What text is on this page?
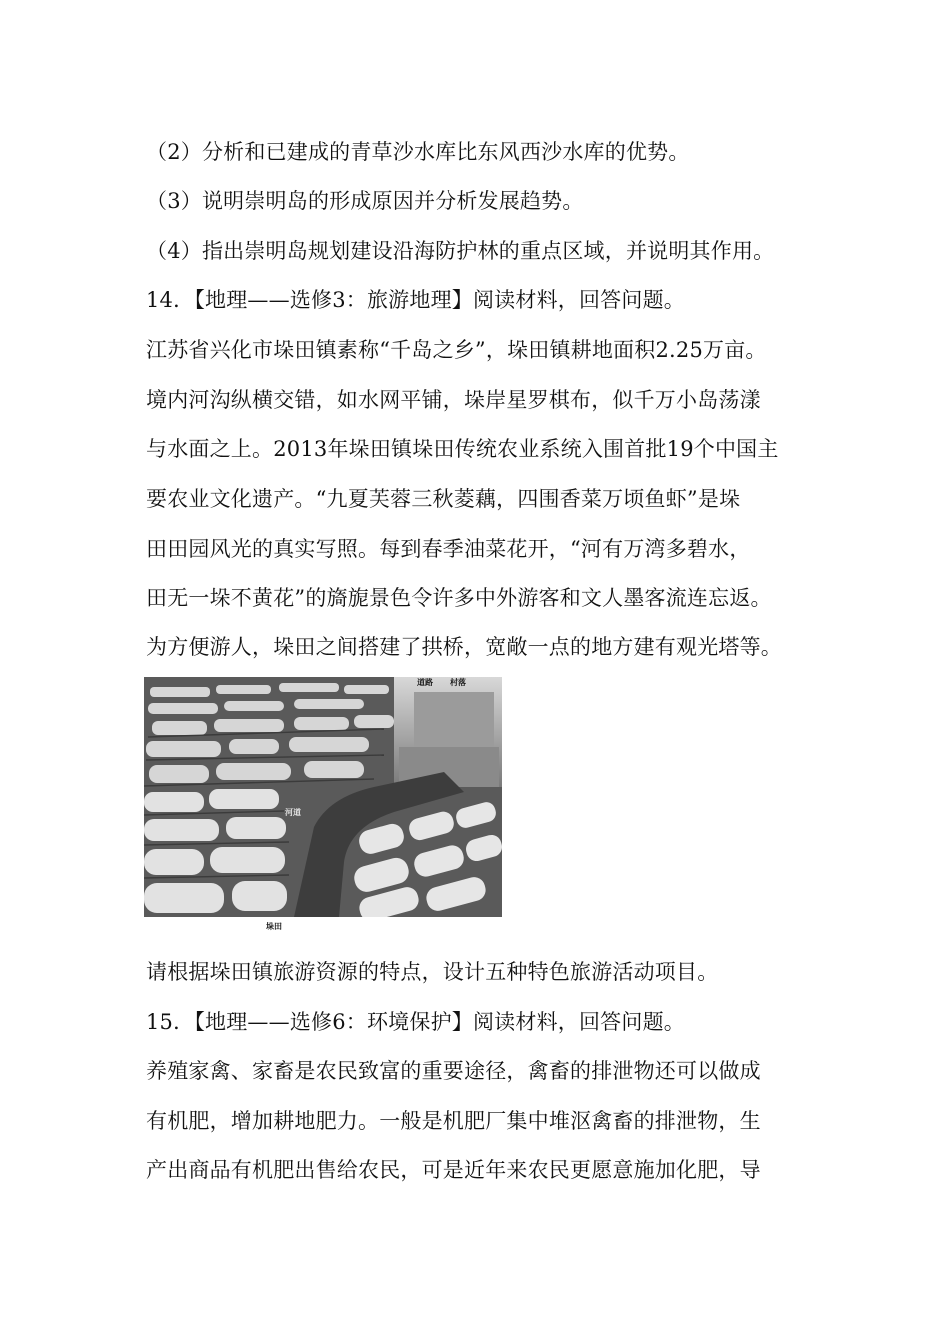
（2）分析和已建成的青草沙水库比东风西沙水库的优势。
（3）说明崇明岛的形成原因并分析发展趋势。
（4）指出崇明岛规划建设沿海防护林的重点区域，并说明其作用。
14．【地理——选修3：旅游地理】阅读材料，回答问题。
江苏省兴化市垛田镇素称“千岛之乡”，垛田镇耕地面积2.25万亩。
境内河沟纵横交错，如水网平铺，垛岸星罗棋布，似千万小岛荡漾
与水面之上。2013年垛田镇垛田传统农业系统入围首批19个中国主
要农业文化遗产。“九夏芙蓉三秋菱藕，四围香菜万顷鱼虾”是垛
田田园风光的真实写照。每到春季油菜花开，“河有万湾多碧水，
田无一垛不黄花”的旖旎景色令许多中外游客和文人墨客流连忘返。
为方便游人，垛田之间搭建了拱桥，宽敞一点的地方建有观光塔等。
道路 村落
河道
垛田
请根据垛田镇旅游资源的特点，设计五种特色旅游活动项目。
15．【地理——选修6：环境保护】阅读材料，回答问题。
养殖家禽、家畜是农民致富的重要途径，禽畜的排泄物还可以做成
有机肥，增加耕地肥力。一般是机肥厂集中堆沤禽畜的排泄物，生
产出商品有机肥出售给农民，可是近年来农民更愿意施加化肥，导
